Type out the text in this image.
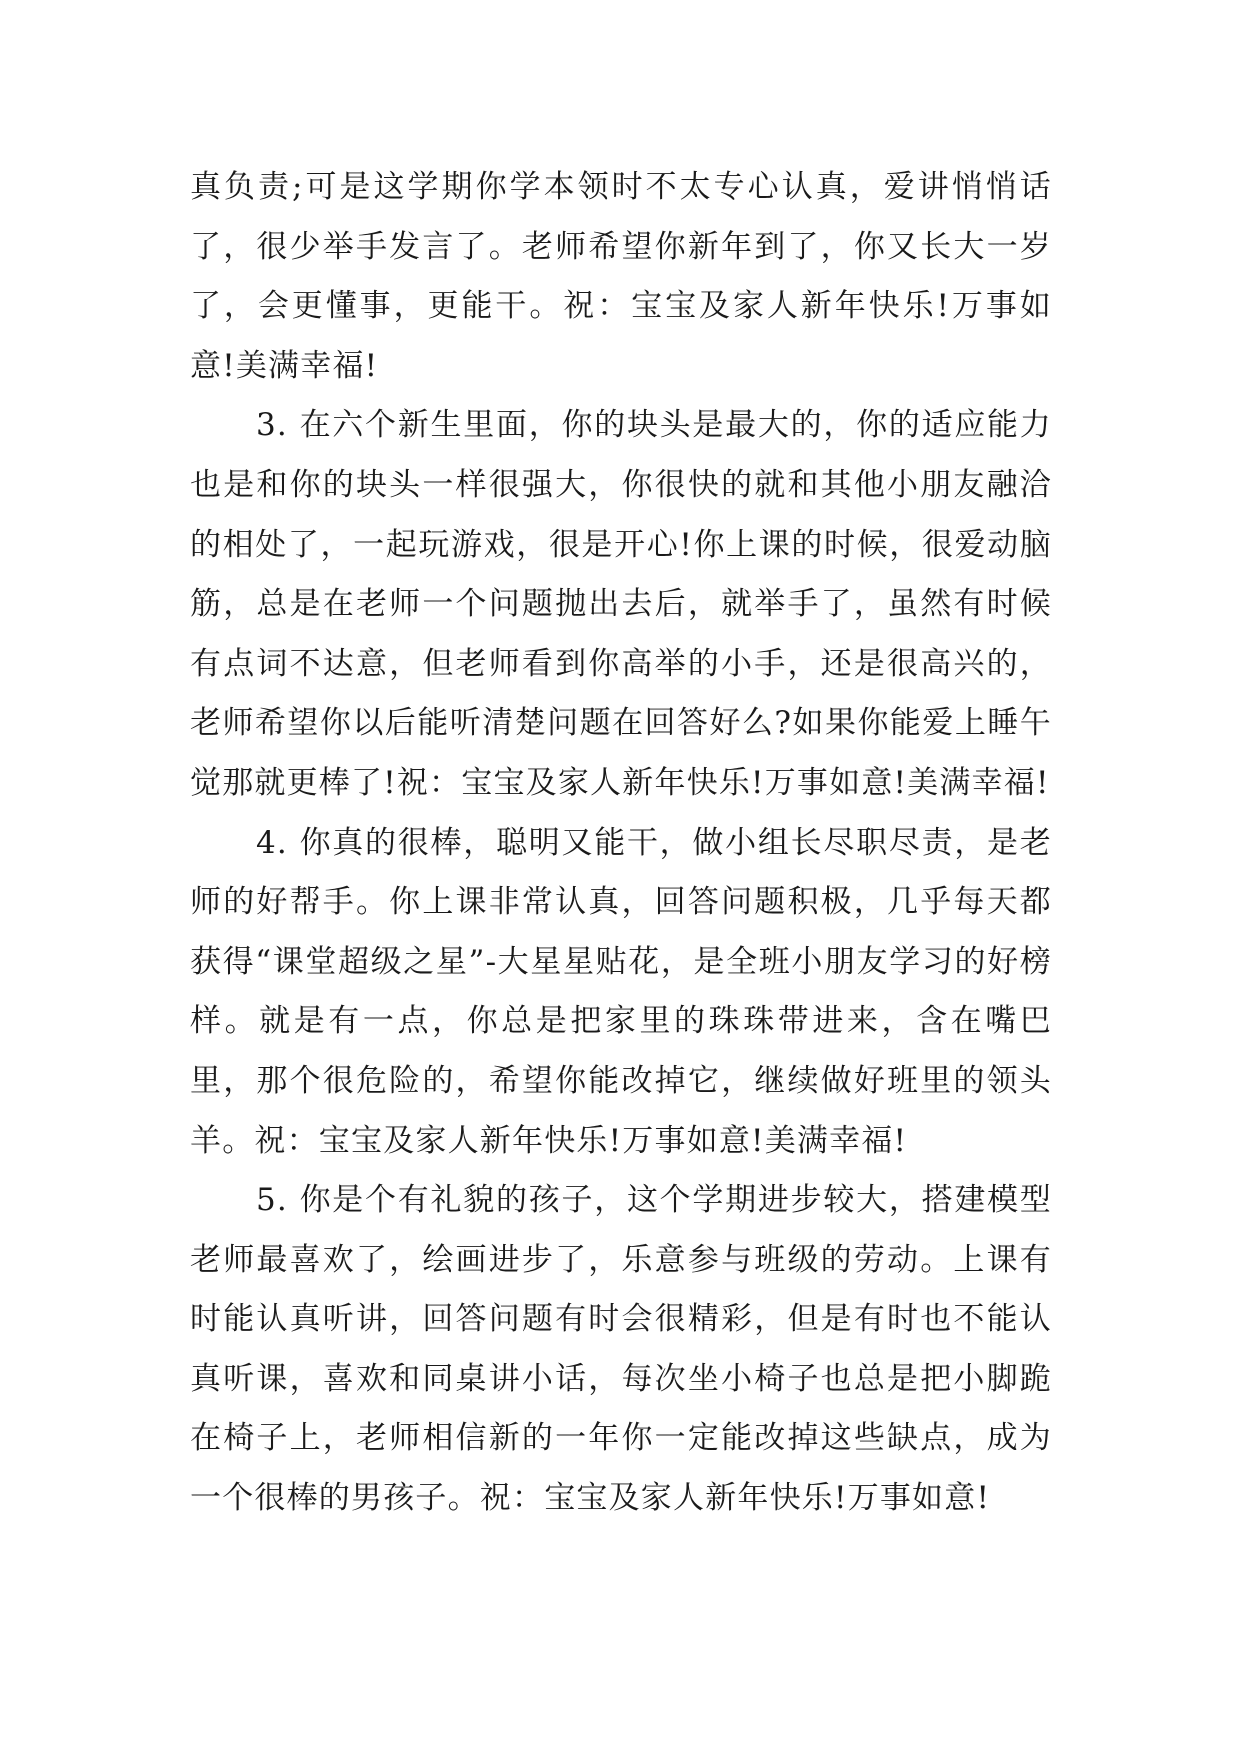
真负责;可是这学期你学本领时不太专心认真，爱讲悄悄话了，很少举手发言了。老师希望你新年到了，你又长大一岁了，会更懂事，更能干。祝：宝宝及家人新年快乐!万事如意!美满幸福!

3. 在六个新生里面，你的块头是最大的，你的适应能力也是和你的块头一样很强大，你很快的就和其他小朋友融洽的相处了，一起玩游戏，很是开心!你上课的时候，很爱动脑筋，总是在老师一个问题抛出去后，就举手了，虽然有时候有点词不达意，但老师看到你高举的小手，还是很高兴的，老师希望你以后能听清楚问题在回答好么?如果你能爱上睡午觉那就更棒了!祝：宝宝及家人新年快乐!万事如意!美满幸福!

4. 你真的很棒，聪明又能干，做小组长尽职尽责，是老师的好帮手。你上课非常认真，回答问题积极，几乎每天都获得“课堂超级之星”-大星星贴花，是全班小朋友学习的好榜样。就是有一点，你总是把家里的珠珠带进来，含在嘴巴里，那个很危险的，希望你能改掉它，继续做好班里的领头羊。祝：宝宝及家人新年快乐!万事如意!美满幸福!

5. 你是个有礼貌的孩子，这个学期进步较大，搭建模型老师最喜欢了，绘画进步了，乐意参与班级的劳动。上课有时能认真听讲，回答问题有时会很精彩，但是有时也不能认真听课，喜欢和同桌讲小话，每次坐小椅子也总是把小脚跪在椅子上，老师相信新的一年你一定能改掉这些缺点，成为一个很棒的男孩子。祝：宝宝及家人新年快乐!万事如意!
